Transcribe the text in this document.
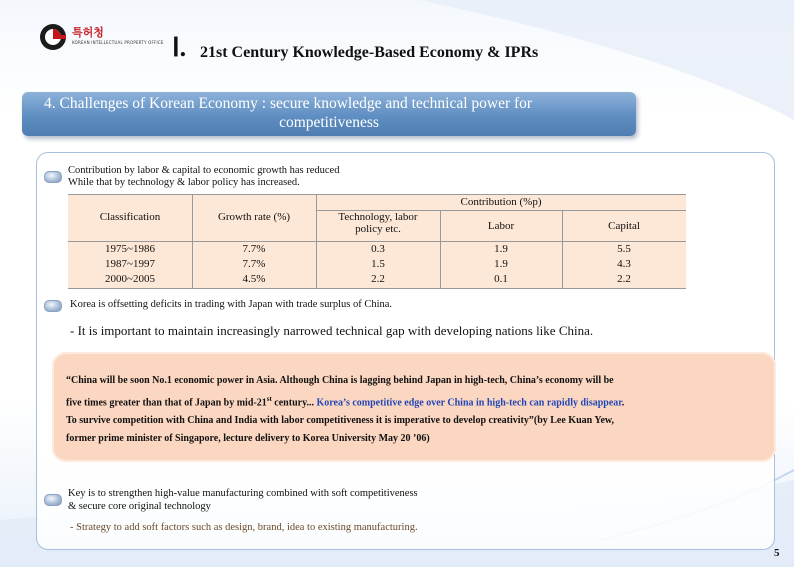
특허청
KOREAN INTELLECTUAL PROPERTY OFFICE Ⅰ. 21st Century Knowledge-Based Economy & IPRs
4. Challenges of Korean Economy : secure knowledge and technical power for
competitiveness
Contribution by labor & capital to economic growth has reduced
While that by technology & labor policy has increased.
Contribution (%p)
Classification	Growth rate (%)	Technology, labor policy etc.	Labor	Capital
1975~1986	7.7%	0.3	1.9	5.5
1987~1997	7.7%	1.5	1.9	4.3
2000~2005	4.5%	2.2	0.1	2.2
Korea is offsetting deficits in trading with Japan with trade surplus of China.
- It is important to maintain increasingly narrowed technical gap with developing nations like China.
“China will be soon No.1 economic power in Asia. Although China is lagging behind Japan in high-tech, China’s economy will be
five times greater than that of Japan by mid-21st century... Korea’s competitive edge over China in high-tech can rapidly disappear.
To survive competition with China and India with labor competitiveness it is imperative to develop creativity”(by Lee Kuan Yew,
former prime minister of Singapore, lecture delivery to Korea University May 20 ’06)
Key is to strengthen high-value manufacturing combined with soft competitiveness
& secure core original technology
- Strategy to add soft factors such as design, brand, idea to existing manufacturing.
5
